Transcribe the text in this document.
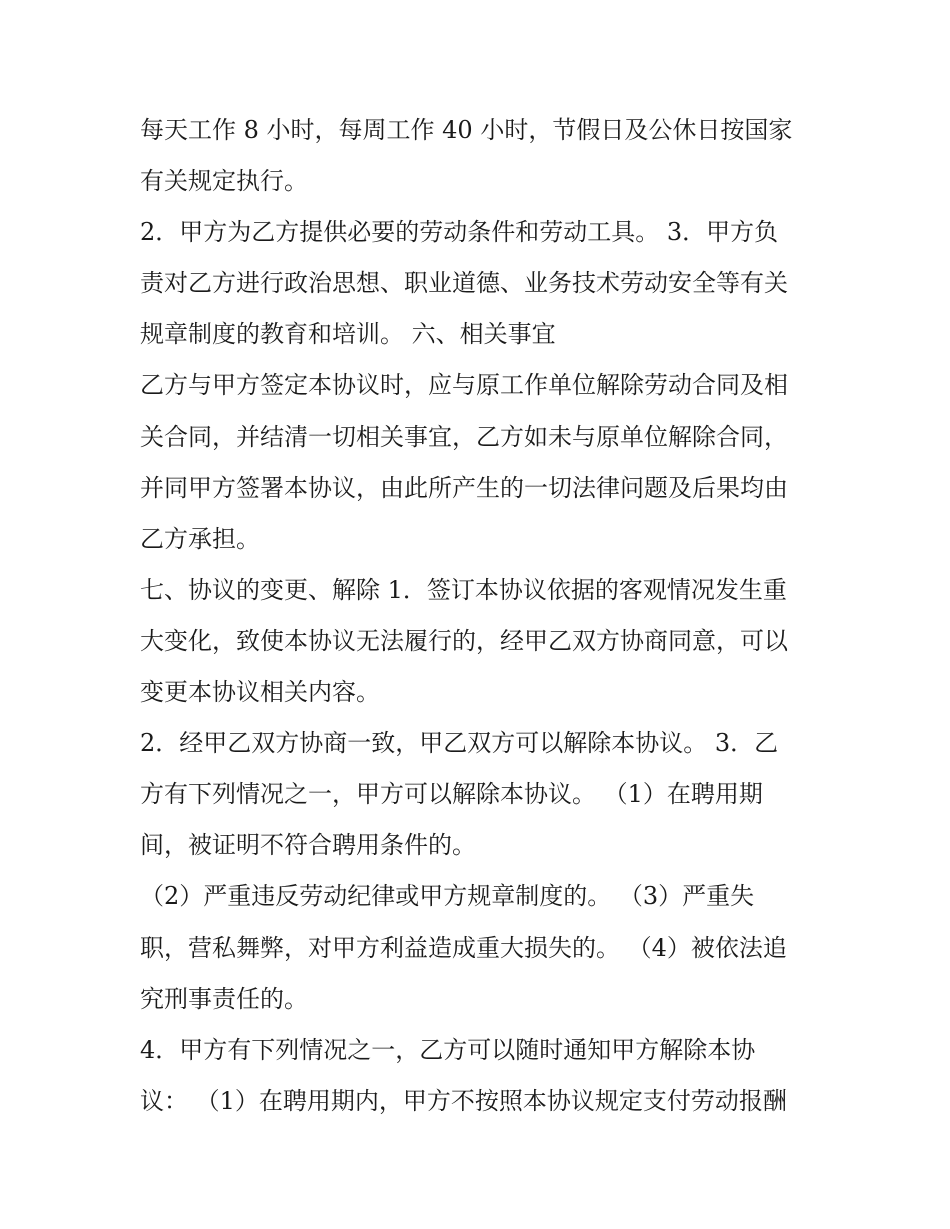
每天工作 8 小时，每周工作 40 小时，节假日及公休日按国家
有关规定执行。
2．甲方为乙方提供必要的劳动条件和劳动工具。 3．甲方负
责对乙方进行政治思想、职业道德、业务技术劳动安全等有关
规章制度的教育和培训。 六、相关事宜
乙方与甲方签定本协议时，应与原工作单位解除劳动合同及相
关合同，并结清一切相关事宜，乙方如未与原单位解除合同，
并同甲方签署本协议，由此所产生的一切法律问题及后果均由
乙方承担。
七、协议的变更、解除 1．签订本协议依据的客观情况发生重
大变化，致使本协议无法履行的，经甲乙双方协商同意，可以
变更本协议相关内容。
2．经甲乙双方协商一致，甲乙双方可以解除本协议。 3．乙
方有下列情况之一，甲方可以解除本协议。 （1）在聘用期
间，被证明不符合聘用条件的。
（2）严重违反劳动纪律或甲方规章制度的。 （3）严重失
职，营私舞弊，对甲方利益造成重大损失的。 （4）被依法追
究刑事责任的。
4．甲方有下列情况之一，乙方可以随时通知甲方解除本协
议： （1）在聘用期内，甲方不按照本协议规定支付劳动报酬
